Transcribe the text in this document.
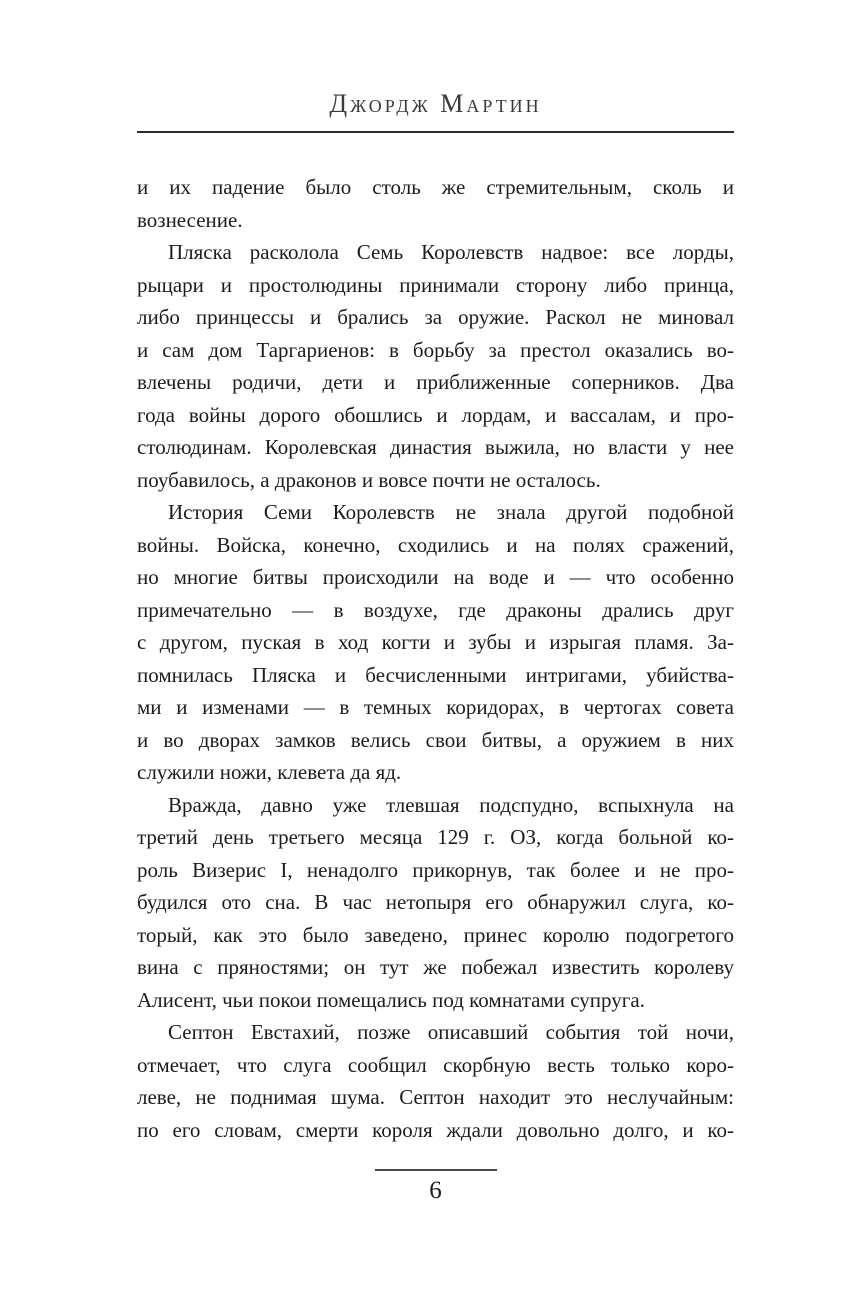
Джордж Мартин
и их падение было столь же стремительным, сколь и
вознесение.
Пляска расколола Семь Королевств надвое: все лорды,
рыцари и простолюдины принимали сторону либо принца,
либо принцессы и брались за оружие. Раскол не миновал
и сам дом Таргариенов: в борьбу за престол оказались во-
влечены родичи, дети и приближенные соперников. Два
года войны дорого обошлись и лордам, и вассалам, и про-
столюдинам. Королевская династия выжила, но власти у нее
поубавилось, а драконов и вовсе почти не осталось.
История Семи Королевств не знала другой подобной
войны. Войска, конечно, сходились и на полях сражений,
но многие битвы происходили на воде и — что особенно
примечательно — в воздухе, где драконы дрались друг
с другом, пуская в ход когти и зубы и изрыгая пламя. За-
помнилась Пляска и бесчисленными интригами, убийства-
ми и изменами — в темных коридорах, в чертогах совета
и во дворах замков велись свои битвы, а оружием в них
служили ножи, клевета да яд.
Вражда, давно уже тлевшая подспудно, вспыхнула на
третий день третьего месяца 129 г. ОЗ, когда больной ко-
роль Визерис I, ненадолго прикорнув, так более и не про-
будился ото сна. В час нетопыря его обнаружил слуга, ко-
торый, как это было заведено, принес королю подогретого
вина с пряностями; он тут же побежал известить королеву
Алисент, чьи покои помещались под комнатами супруга.
Септон Евстахий, позже описавший события той ночи,
отмечает, что слуга сообщил скорбную весть только коро-
леве, не поднимая шума. Септон находит это неслучайным:
по его словам, смерти короля ждали довольно долго, и ко-
6
